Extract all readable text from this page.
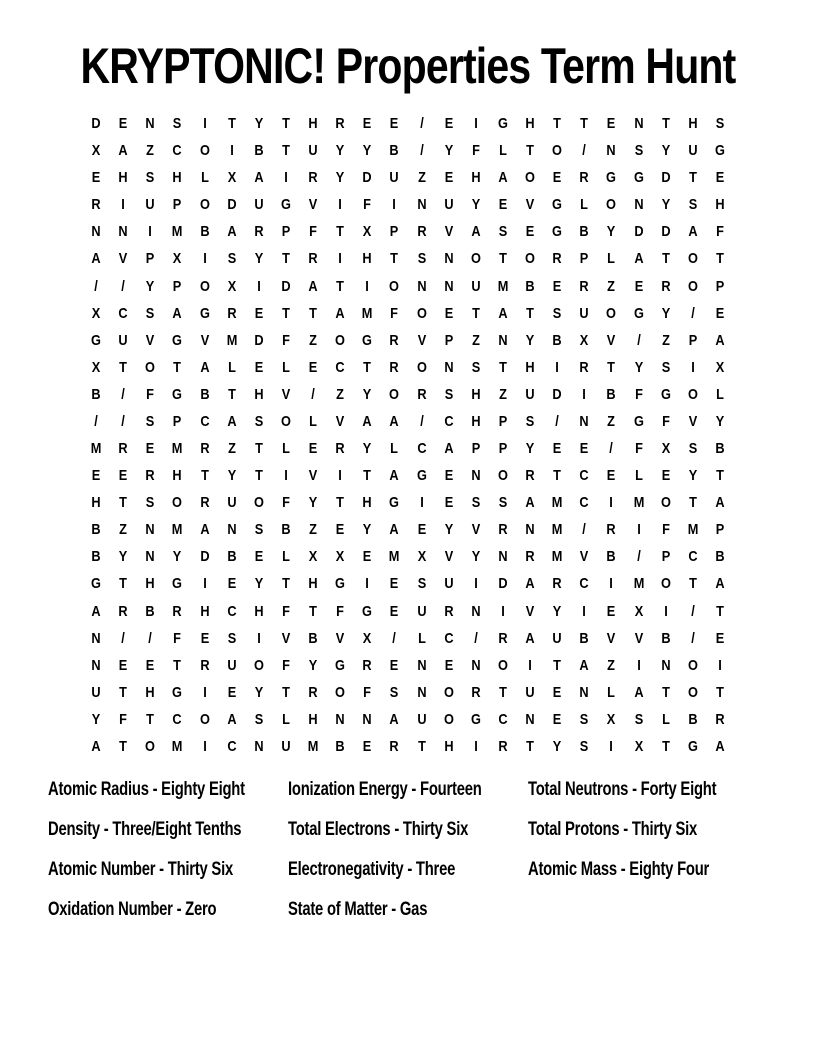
KRYPTONIC! Properties Term Hunt
D E N S	I	T	Y	T	H R E E	/	E	I	G H	T	T	E N	T	H S
X A	Z	C O	I	B	T	U Y Y B	/	Y	F	L	T	O	/	N S Y U G
E H S H	L	X A	I	R Y D U	Z	E H A O E R G G D	T	E
R	I	U P O D U G V	I	F	I	N U Y E V G	L	O N Y S H
N N	I	M B A R P	F	T	X P R V A S E G B Y D D A	F
A V P X	I	S Y	T	R	I	H	T	S N O	T	O R P	L	A	T	O	T
/	/	Y P O X	I	D A	T	I	O N N U M B E R	Z	E R O P
X C S A G R E	T	T	A M	F	O E	T	A	T	S U O G Y	/	E
G U V G V M D	F	Z	O G R V P	Z	N Y B X V	/	Z	P A
X	T	O	T	A	L	E	L	E C	T	R O N S	T	H	I	R	T	Y S	I	X
B	/	F	G B	T	H V	/	Z	Y O R S H	Z	U D	I	B	F	G O	L
/	/	S P C A S O	L	V A A	/	C H P S	/	N	Z	G	F	V Y
M R E M R	Z	T	L	E R Y	L	C A P P Y E E	/	F	X S B
E E R H	T	Y	T	I	V	I	T	A G E N O R	T	C E	L	E Y	T
H	T	S O R U O	F	Y	T	H G	I	E S S A M C	I	M O	T	A
B	Z	N M A N S B	Z	E Y A E Y V R N M	/	R	I	F	M P
B Y N Y D B E	L	X X E M X V Y N R M V B	/	P C B
G	T	H G	I	E Y	T	H G	I	E S U	I	D A R C	I	M O	T	A
A R B R H C H	F	T	F	G E U R N	I	V Y	I	E X	I	/	T
N	/	/	F	E S	I	V B V X	/	L	C	/	R A U B V V B	/	E
N E E	T	R U O	F	Y G R E N E N O	I	T	A	Z	I	N O	I
U	T	H G	I	E Y	T	R O	F	S N O R	T	U E N	L	A	T	O	T
Y	F	T	C O A S	L	H N N A U O G C N E S X S	L	B R
A	T	O M	I	C N U M B E R	T	H	I	R	T	Y S	I	X	T	G A
Atomic Radius - Eighty Eight Ionization Energy - Fourteen Total Neutrons - Forty Eight
Density - Three/Eight Tenths Total Electrons - Thirty Six	Total Protons - Thirty Six
Atomic Number - Thirty Six	Electronegativity - Three	Atomic Mass - Eighty Four
Oxidation Number - Zero	State of Matter - Gas
